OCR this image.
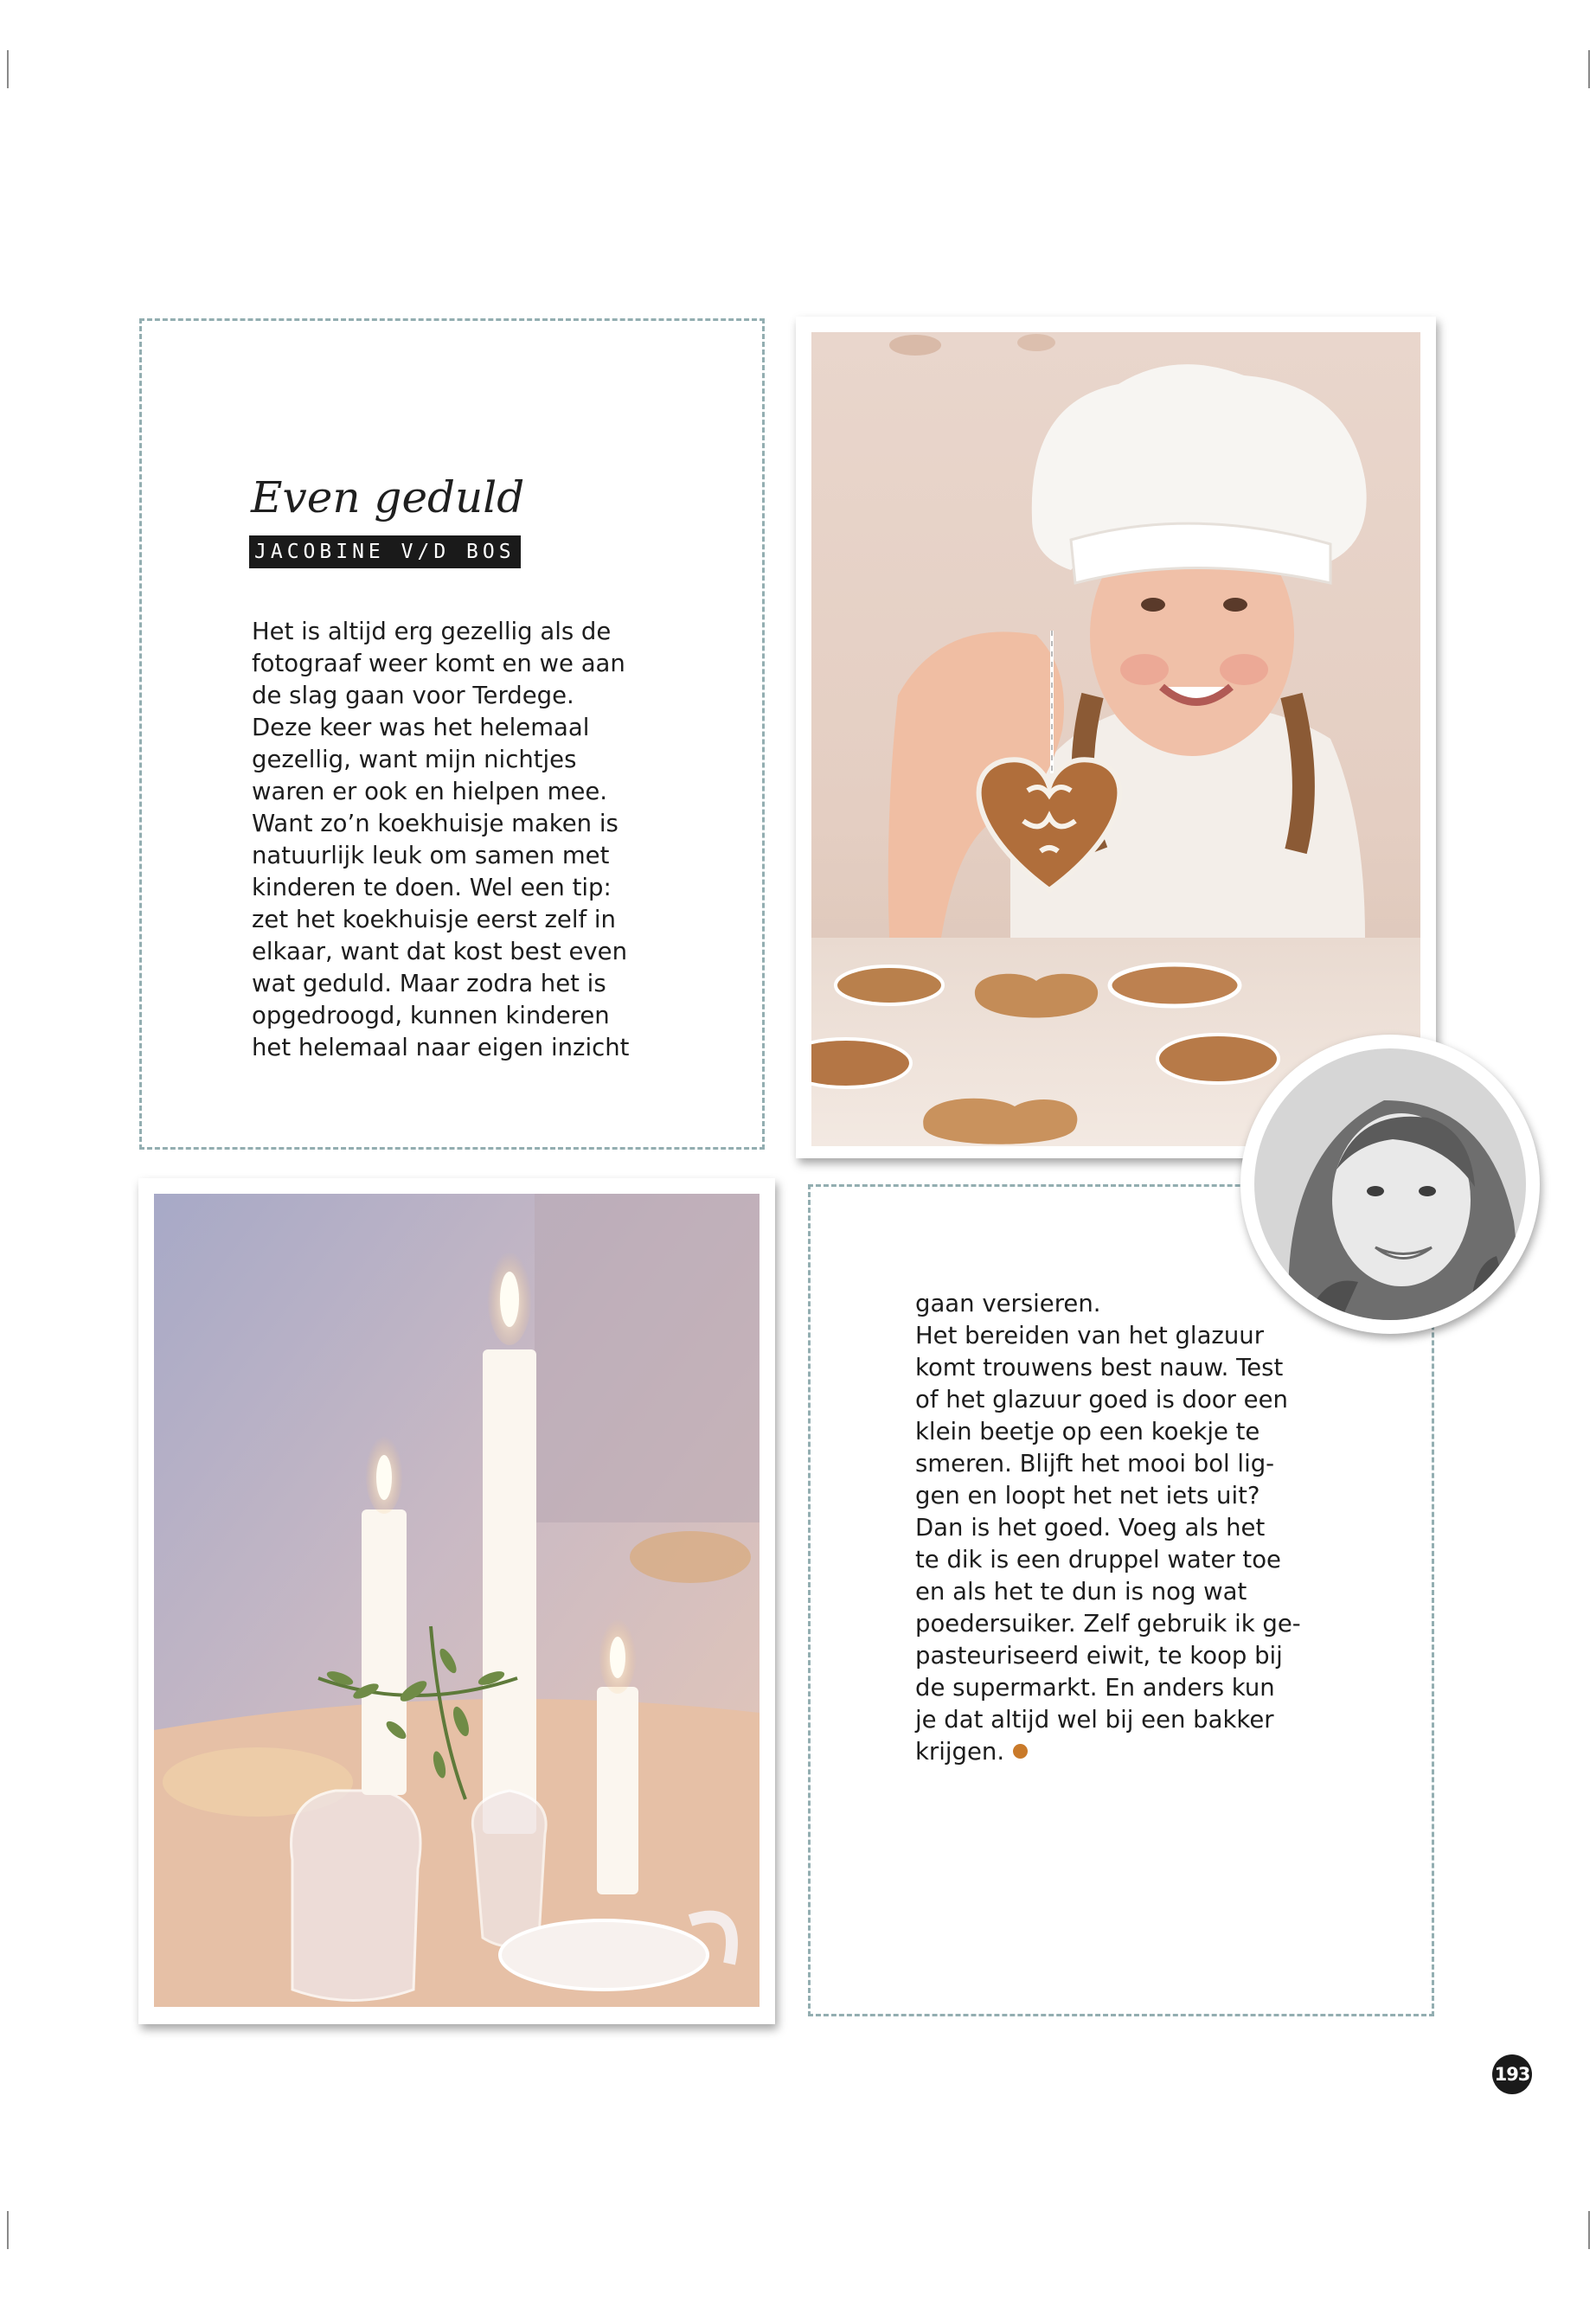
Even geduld
JACOBINE V/D BOS

Het is altijd erg gezellig als de
fotograaf weer komt en we aan
de slag gaan voor Terdege.
Deze keer was het helemaal
gezellig, want mijn nichtjes
waren er ook en hielpen mee.
Want zo’n koekhuisje maken is
natuurlijk leuk om samen met
kinderen te doen. Wel een tip:
zet het koekhuisje eerst zelf in
elkaar, want dat kost best even
wat geduld. Maar zodra het is
opgedroogd, kunnen kinderen
het helemaal naar eigen inzicht

gaan versieren.
Het bereiden van het glazuur
komt trouwens best nauw. Test
of het glazuur goed is door een
klein beetje op een koekje te
smeren. Blijft het mooi bol lig-
gen en loopt het net iets uit?
Dan is het goed. Voeg als het
te dik is een druppel water toe
en als het te dun is nog wat
poedersuiker. Zelf gebruik ik ge-
pasteuriseerd eiwit, te koop bij
de supermarkt. En anders kun
je dat altijd wel bij een bakker
krijgen.

193
